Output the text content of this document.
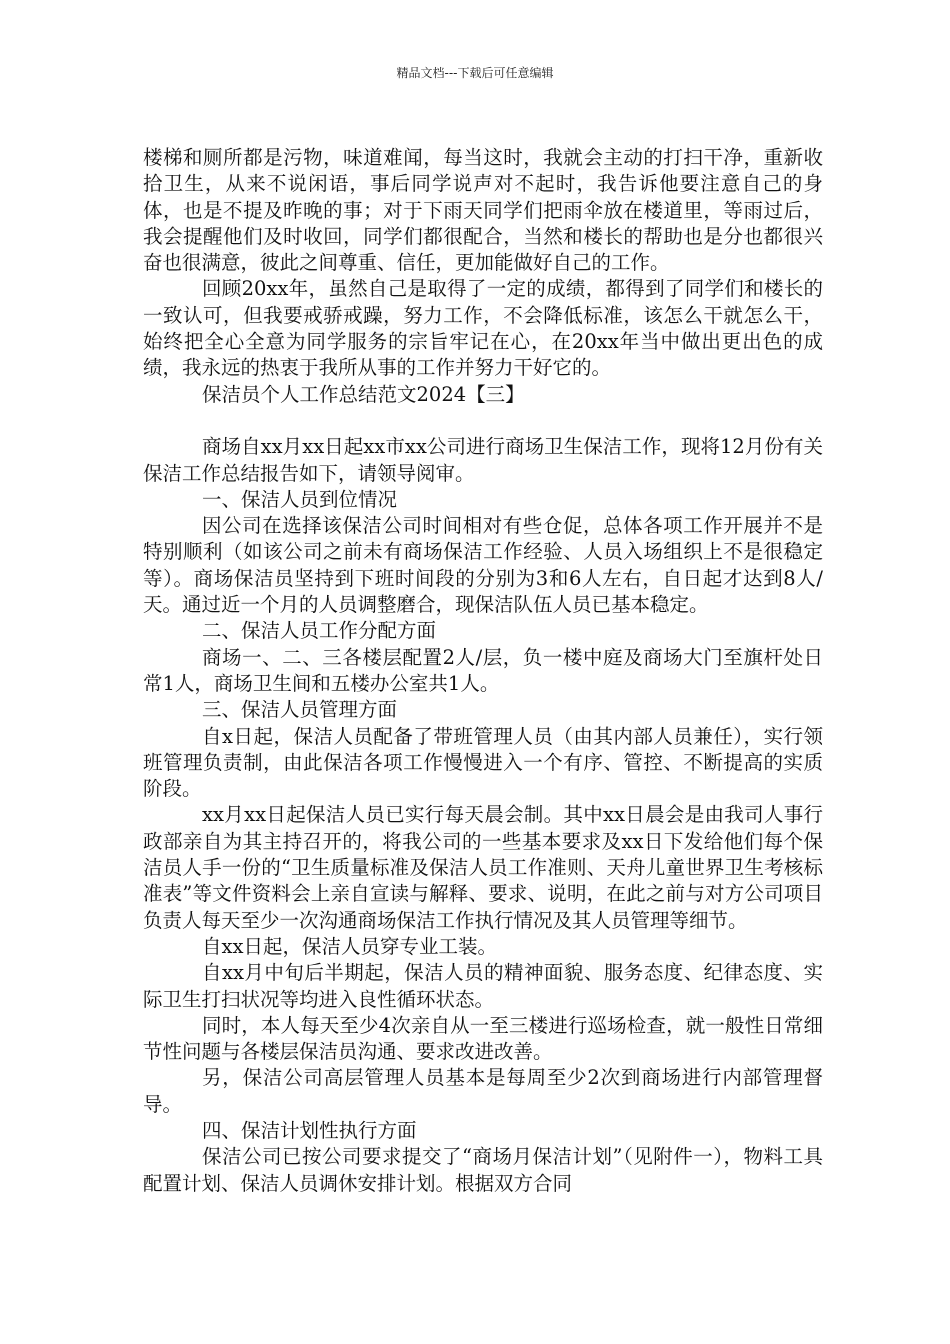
精品文档---下载后可任意编辑

楼梯和厕所都是污物，味道难闻，每当这时，我就会主动的打扫干净，重新收拾卫生，从来不说闲语，事后同学说声对不起时，我告诉他要注意自己的身体，也是不提及昨晚的事；对于下雨天同学们把雨伞放在楼道里，等雨过后，我会提醒他们及时收回，同学们都很配合，当然和楼长的帮助也是分也都很兴奋也很满意，彼此之间尊重、信任，更加能做好自己的工作。

回顾20xx年，虽然自己是取得了一定的成绩，都得到了同学们和楼长的一致认可，但我要戒骄戒躁，努力工作，不会降低标准，该怎么干就怎么干，始终把全心全意为同学服务的宗旨牢记在心，在20xx年当中做出更出色的成绩，我永远的热衷于我所从事的工作并努力干好它的。

保洁员个人工作总结范文2024【三】

商场自xx月xx日起xx市xx公司进行商场卫生保洁工作，现将12月份有关保洁工作总结报告如下，请领导阅审。

一、保洁人员到位情况

因公司在选择该保洁公司时间相对有些仓促，总体各项工作开展并不是特别顺利（如该公司之前未有商场保洁工作经验、人员入场组织上不是很稳定等）。商场保洁员坚持到下班时间段的分别为3和6人左右，自日起才达到8人/天。通过近一个月的人员调整磨合，现保洁队伍人员已基本稳定。

二、保洁人员工作分配方面

商场一、二、三各楼层配置2人/层，负一楼中庭及商场大门至旗杆处日常1人，商场卫生间和五楼办公室共1人。

三、保洁人员管理方面

自x日起，保洁人员配备了带班管理人员（由其内部人员兼任），实行领班管理负责制，由此保洁各项工作慢慢进入一个有序、管控、不断提高的实质阶段。

xx月xx日起保洁人员已实行每天晨会制。其中xx日晨会是由我司人事行政部亲自为其主持召开的，将我公司的一些基本要求及xx日下发给他们每个保洁员人手一份的“卫生质量标准及保洁人员工作准则、天舟儿童世界卫生考核标准表”等文件资料会上亲自宣读与解释、要求、说明，在此之前与对方公司项目负责人每天至少一次沟通商场保洁工作执行情况及其人员管理等细节。

自xx日起，保洁人员穿专业工装。

自xx月中旬后半期起，保洁人员的精神面貌、服务态度、纪律态度、实际卫生打扫状况等均进入良性循环状态。

同时，本人每天至少4次亲自从一至三楼进行巡场检查，就一般性日常细节性问题与各楼层保洁员沟通、要求改进改善。

另，保洁公司高层管理人员基本是每周至少2次到商场进行内部管理督导。

四、保洁计划性执行方面

保洁公司已按公司要求提交了“商场月保洁计划”（见附件一），物料工具配置计划、保洁人员调休安排计划。根据双方合同
